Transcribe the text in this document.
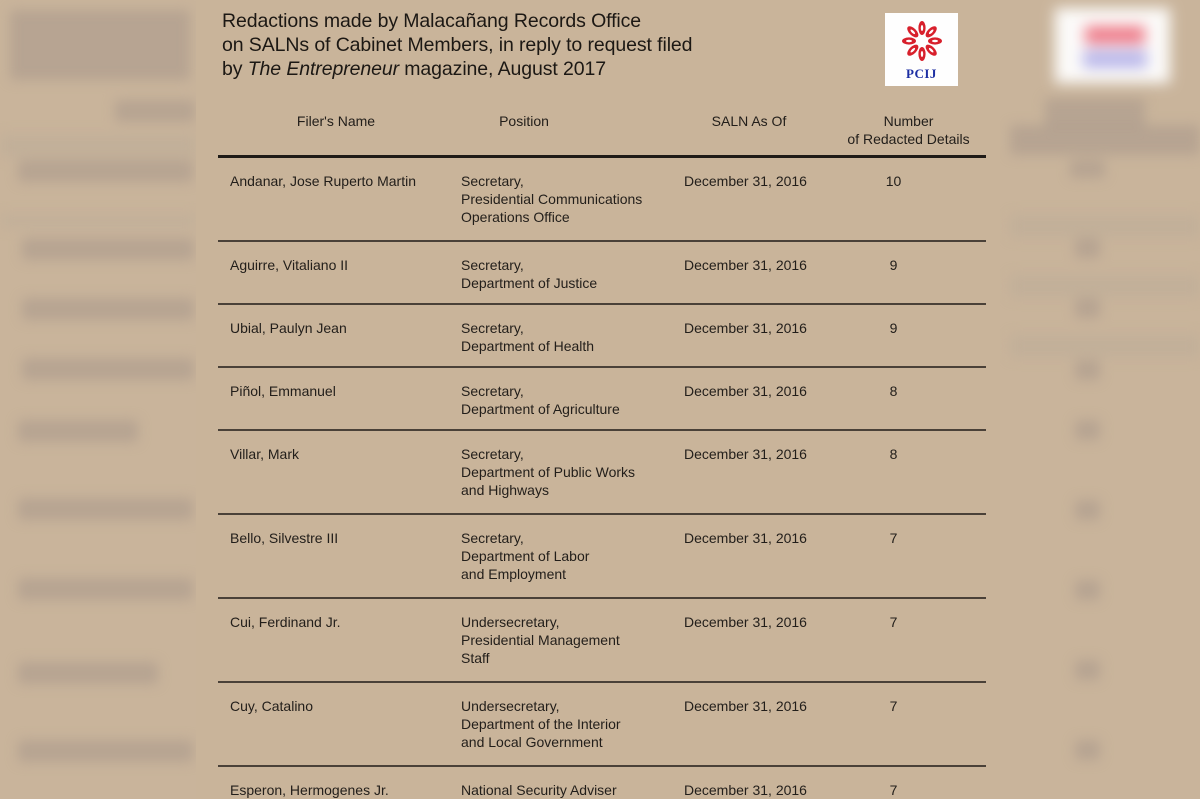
Redactions made by Malacañang Records Office
on SALNs of Cabinet Members, in reply to request filed
by The Entrepreneur magazine, August 2017	PCIJ
Filer's Name	Position	SALN As Of	Number
of Redacted Details
Andanar, Jose Ruperto Martin	Secretary,
Presidential Communications
Operations Office
December 31, 2016	10
Aguirre, Vitaliano II	Secretary,
Department of Justice
December 31, 2016	9
Ubial, Paulyn Jean	Secretary,
Department of Health
December 31, 2016	9
Piñol, Emmanuel	Secretary,
Department of Agriculture
December 31, 2016	8
Villar, Mark	Secretary,
Department of Public Works
and Highways
December 31, 2016	8
Bello, Silvestre III	Secretary,
Department of Labor
and Employment
December 31, 2016	7
Cui, Ferdinand Jr.	Undersecretary,
Presidential Management
Staff
December 31, 2016	7
Cuy, Catalino	Undersecretary,
Department of the Interior
and Local Government
December 31, 2016	7
Esperon, Hermogenes Jr.	National Security Adviser	December 31, 2016	7
